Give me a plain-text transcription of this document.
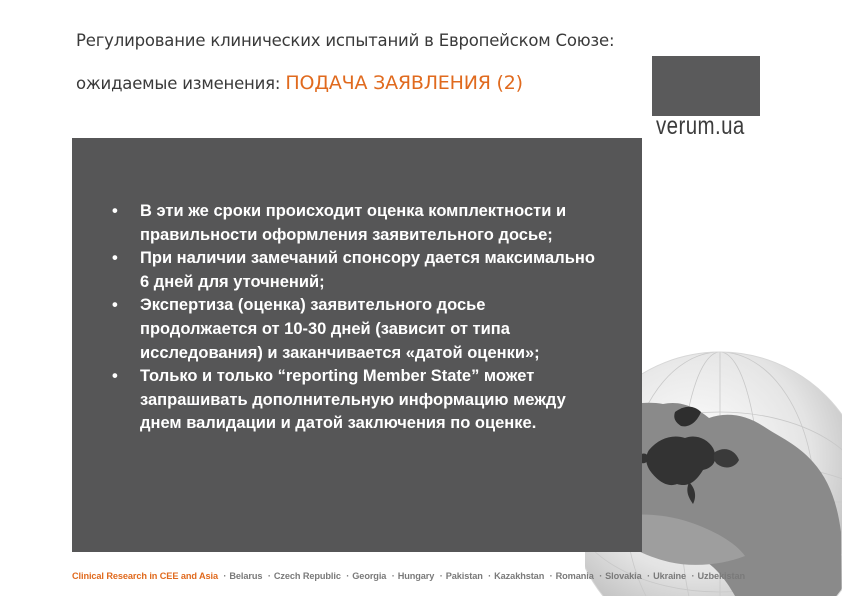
Регулирование клинических испытаний в Европейском Союзе:
ожидаемые изменения: ПОДАЧА ЗАЯВЛЕНИЯ (2)
verum.ua
• В эти же сроки происходит оценка комплектности и правильности оформления заявительного досье;
• При наличии замечаний спонсору дается максимально 6 дней для уточнений;
• Экспертиза (оценка) заявительного досье продолжается от 10-30 дней (зависит от типа исследования) и заканчивается «датой оценки»;
• Только и только “reporting Member State” может запрашивать дополнительную информацию между днем валидации и датой заключения по оценке.
Clinical Research in CEE and Asia · Belarus · Czech Republic · Georgia · Hungary · Pakistan · Kazakhstan · Romania · Slovakia · Ukraine · Uzbekistan
